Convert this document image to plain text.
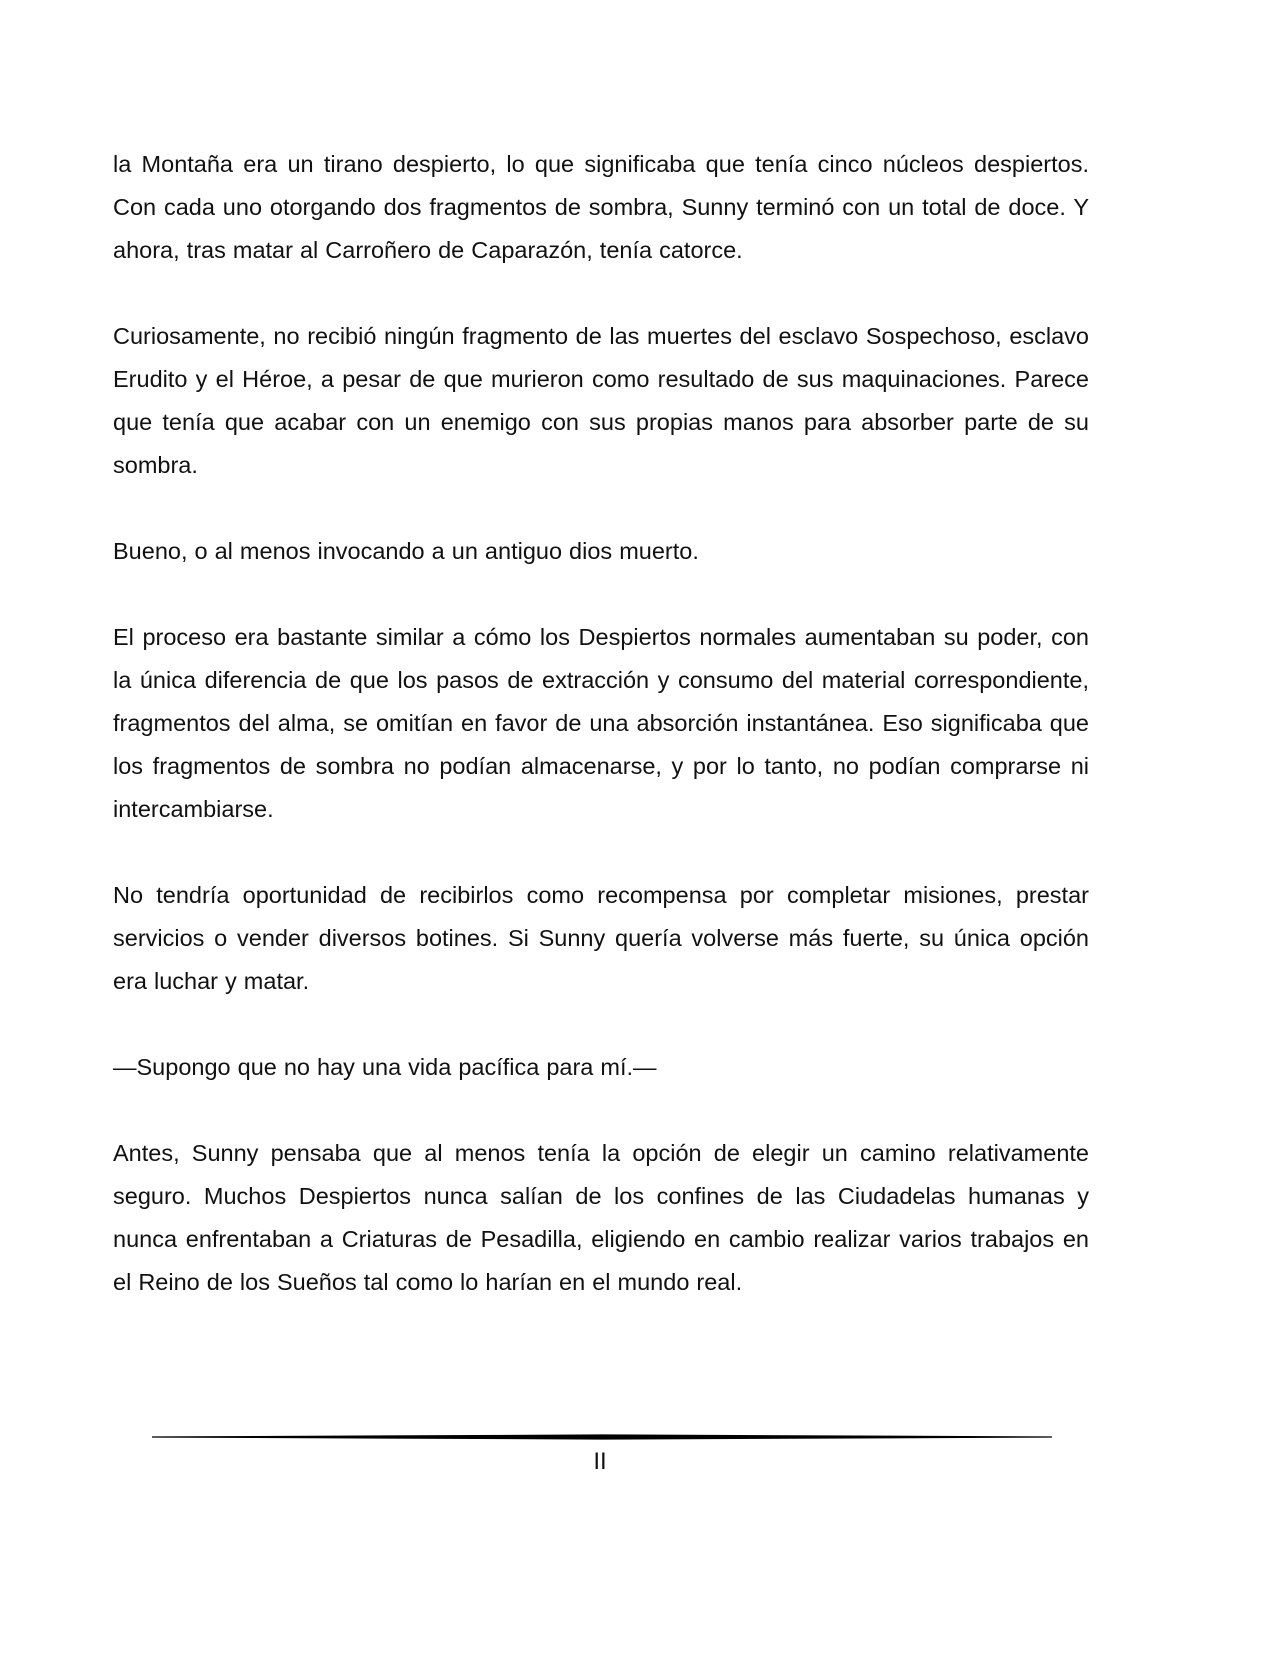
la Montaña era un tirano despierto, lo que significaba que tenía cinco núcleos despiertos. Con cada uno otorgando dos fragmentos de sombra, Sunny terminó con un total de doce. Y ahora, tras matar al Carroñero de Caparazón, tenía catorce.

Curiosamente, no recibió ningún fragmento de las muertes del esclavo Sospechoso, esclavo Erudito y el Héroe, a pesar de que murieron como resultado de sus maquinaciones. Parece que tenía que acabar con un enemigo con sus propias manos para absorber parte de su sombra.

Bueno, o al menos invocando a un antiguo dios muerto.

El proceso era bastante similar a cómo los Despiertos normales aumentaban su poder, con la única diferencia de que los pasos de extracción y consumo del material correspondiente, fragmentos del alma, se omitían en favor de una absorción instantánea. Eso significaba que los fragmentos de sombra no podían almacenarse, y por lo tanto, no podían comprarse ni intercambiarse.

No tendría oportunidad de recibirlos como recompensa por completar misiones, prestar servicios o vender diversos botines. Si Sunny quería volverse más fuerte, su única opción era luchar y matar.

—Supongo que no hay una vida pacífica para mí.—

Antes, Sunny pensaba que al menos tenía la opción de elegir un camino relativamente seguro. Muchos Despiertos nunca salían de los confines de las Ciudadelas humanas y nunca enfrentaban a Criaturas de Pesadilla, eligiendo en cambio realizar varios trabajos en el Reino de los Sueños tal como lo harían en el mundo real.

II
